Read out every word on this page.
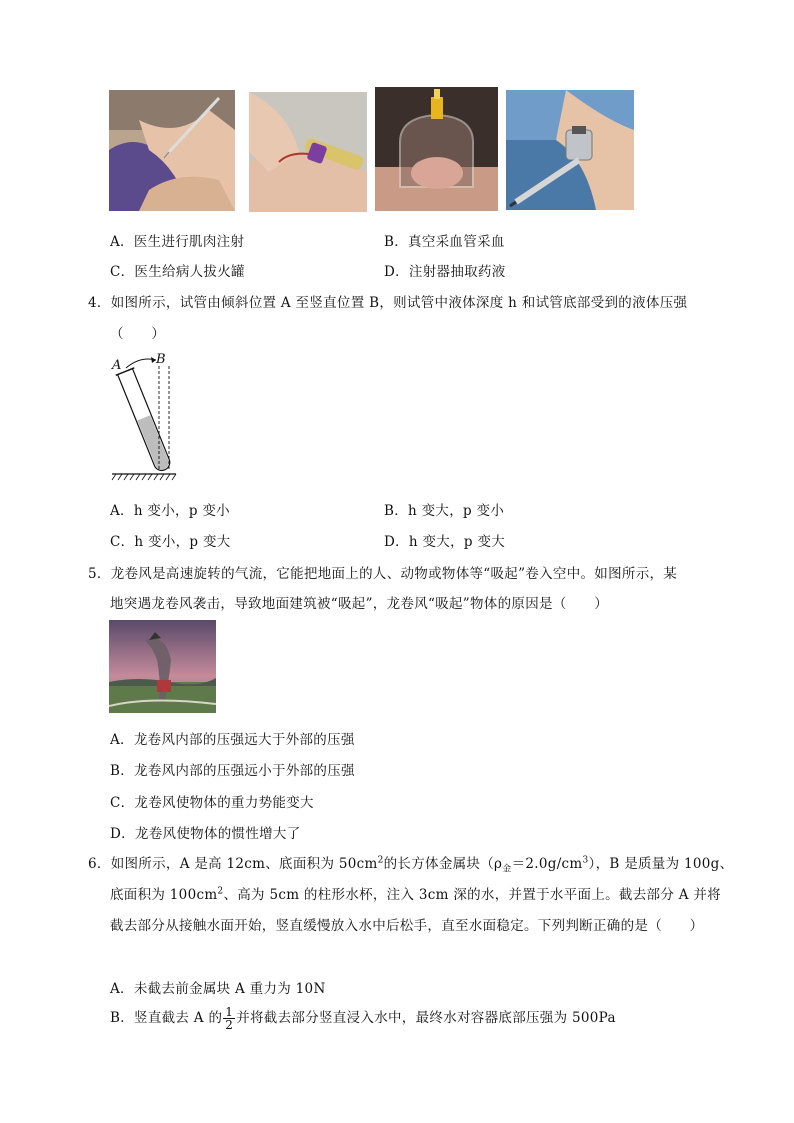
A．医生进行肌肉注射	B．真空采血管采血
C．医生给病人拔火罐	D．注射器抽取药液
4．如图所示，试管由倾斜位置 A 至竖直位置 B，则试管中液体深度 h 和试管底部受到的液体压强
（　　）
A	B
A．h 变小，p 变小	B．h 变大，p 变小
C．h 变小，p 变大	D．h 变大，p 变大
5．龙卷风是高速旋转的气流，它能把地面上的人、动物或物体等“吸起”卷入空中。如图所示，某
地突遇龙卷风袭击，导致地面建筑被“吸起”，龙卷风“吸起”物体的原因是（　　）
A．龙卷风内部的压强远大于外部的压强
B．龙卷风内部的压强远小于外部的压强
C．龙卷风使物体的重力势能变大
D．龙卷风使物体的惯性增大了
6．如图所示，A 是高 12cm、底面积为 $50cm^2$的长方体金属块$(\rho_金=2.0g/cm^3)$，B 是质量为 100g、
底面积为 $100cm^2$、高为 5cm 的柱形水杯，注入 3cm 深的水，并置于水平面上。截去部分 A 并将
截去部分从接触水面开始，竖直缓慢放入水中后松手，直至水面稳定。下列判断正确的是（　　）
A．未截去前金属块 A 重力为 10N
B．竖直截去 A 的 $\frac{1}{2}$ 并将截去部分竖直浸入水中，最终水对容器底部压强为 500Pa
